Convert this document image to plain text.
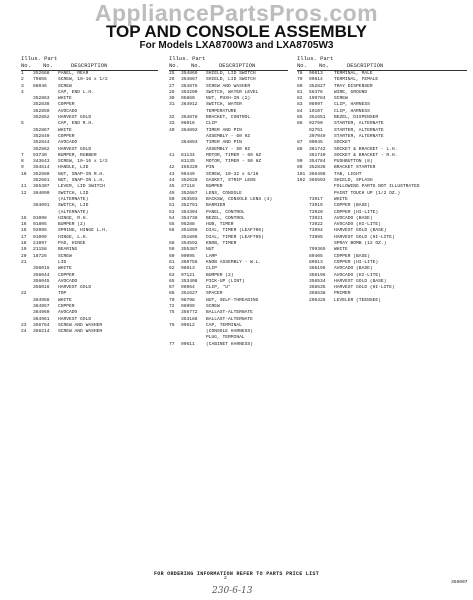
AppliancePartsPros.com
TOP AND CONSOLE ASSEMBLY
For Models LXA8700W3 and LXA8705W3
Illus. Part
No. No.	DESCRIPTION
1	352668	PANEL, REAR
2	79855	SCREW, 10-16 x 1/2
3	88046	SCREW
4	CAP, END L.H.
352863	WHITE
352838	COPPER
352850	AVOCADO
352852	HARVEST GOLD
5	CAP, END R.H.
352867	WHITE
352840	COPPER
352844	AVOCADO
352862	HARVEST GOLD
7	93730	BUMPER, RUBBER
8	343643	SCREW, 10-16 x 1/2
9	354514	HANDLE, LID
10	352680	NUT, SNAP-IN R.H.
352681	NUT, SNAP-IN L.H.
11	355307	LEVER, LID SWITCH
12	364090	SWITCH, LID
(ALTERNATE)
364091	SWITCH, LID
(ALTERNATE)
15	91098	HINGE, R.H.
16	91805	BUMPER (2)
16	92095	SPRING, HINGE L.H.
17	91099	HINGE, L.H.
18	21097	PAD, HINGE
19	21158	BEARING
20	18726	SCREW
21	LID
356015	WHITE
356044	COPPER
356045	AVOCADO
356016	HARVEST GOLD
22	TOP
364956	WHITE
364957	COPPER
364960	AVOCADO
364961	HARVEST GOLD
23	356764	SCREW AND WASHER
24	356214	SCREW AND WASHER
Illus. Part
No. No.	DESCRIPTION
25	354869	SHIELD, LID SWITCH
26	354867	SHIELD, LID SWITCH
27	354875	SCREW AND WASHER
28	353200	SWITCH, WATER LEVEL
30	95860	NUT, PUSH-IN (2)
31	364912	SWITCH, WATER
TEMPERATURE
32	354878	BRACKET, CONTROL
33	96016	CLIP
40	364892	TIMER AND PIN
ASSEMBLY - 60 HZ
364893	TIMER AND PIN
ASSEMBLY - 50 HZ
41	81134	MOTOR, TIMER - 60 HZ
81135	MOTOR, TIMER - 50 HZ
42	465320	PIN
43	99449	SCREW, 10-32 x 5/16
44	352628	GASKET, STRIP LENS
45	37118	BUMPER
49	352667	LENS, CONSOLE
50	363503	BACKSW, CONSOLE LENS (4)
51	352791	BARRIER
53	354304	PANEL, CONTROL
54	354738	BEZEL, CONTROL
55	95288	HUB, TIMER
56	351895	DIAL, TIMER (LEAF706)
351896	DIAL, TIMER (LEAF705)
58	354592	KNOB, TIMER
59	355387	NUT
60	99095	LAMP
61	360755	KNOB ASSEMBLY - W.L.
62	96013	CLIP
63	97121	BUMPER (2)
65	353408	PICK-UP (LINT)
67	96064	CLIP, "U"
68	351627	SPACER
70	98798	NUT, SELF-THREADING
72	98999	SCREW
75	356772	BALLAST-ALTERNATE
353188	BALLAST-ALTERNATE
76	99612	CAP, TERMINAL
(CONSOLE HARNESS)
PLUG, TERMINAL
77	99611	(CABINET HARNESS)
Illus. Part
No. No.	DESCRIPTION
78	99613	TERMINAL, MALE
79	99614	TERMINAL, FEMALE
80	352827	TRAY DISPENSER
81	56376	WIRE, GROUND
82	199784	SCREW
83	98997	CLIP, HARNESS
84	19107	CLIP, HARNESS
85	351651	BEZEL, DISPENSER
86	92750	STARTER, ALTERNATE
92751	STARTER, ALTERNATE
307049	STARTER, ALTERNATE
87	90045	SOCKET
88	361742	SOCKET & BRACKET - L.H.
361740	SOCKET & BRACKET - R.H.
90	354784	PUSHBUTTON (8)
99	352836	BRACKET STARTER
101 365498	TAB, LIGHT
102 365593	SHIELD, SPLASH
FOLLOWING PARTS NOT ILLUSTRATED
PAINT TOUCH UP (1/2 OZ.)
73917	WHITE
73919	COPPER (BASE)
73920	COPPER (HI-LITE)
73921	AVOCADO (BASE)
73922	AVOCADO (HI-LITE)
73994	HARVEST GOLD (BASE)
73995	HARVEST GOLD (HI-LITE)
SPRAY BOMB (12 OZ.)
799365	WHITE
89405	COPPER (BASE)
89613	COPPER (HI-LITE)
356195	AVOCADO (BASE)
356196	AVOCADO (HI-LITE)
356534	HARVEST GOLD (BASE)
356535	HARVEST GOLD (HI-LITE)
356538	PRIMER
206425	LEVELER (TEENSEE)
FOR ORDERING INFORMATION REFER TO PARTS PRICE LIST
2
356007
230-6-13
